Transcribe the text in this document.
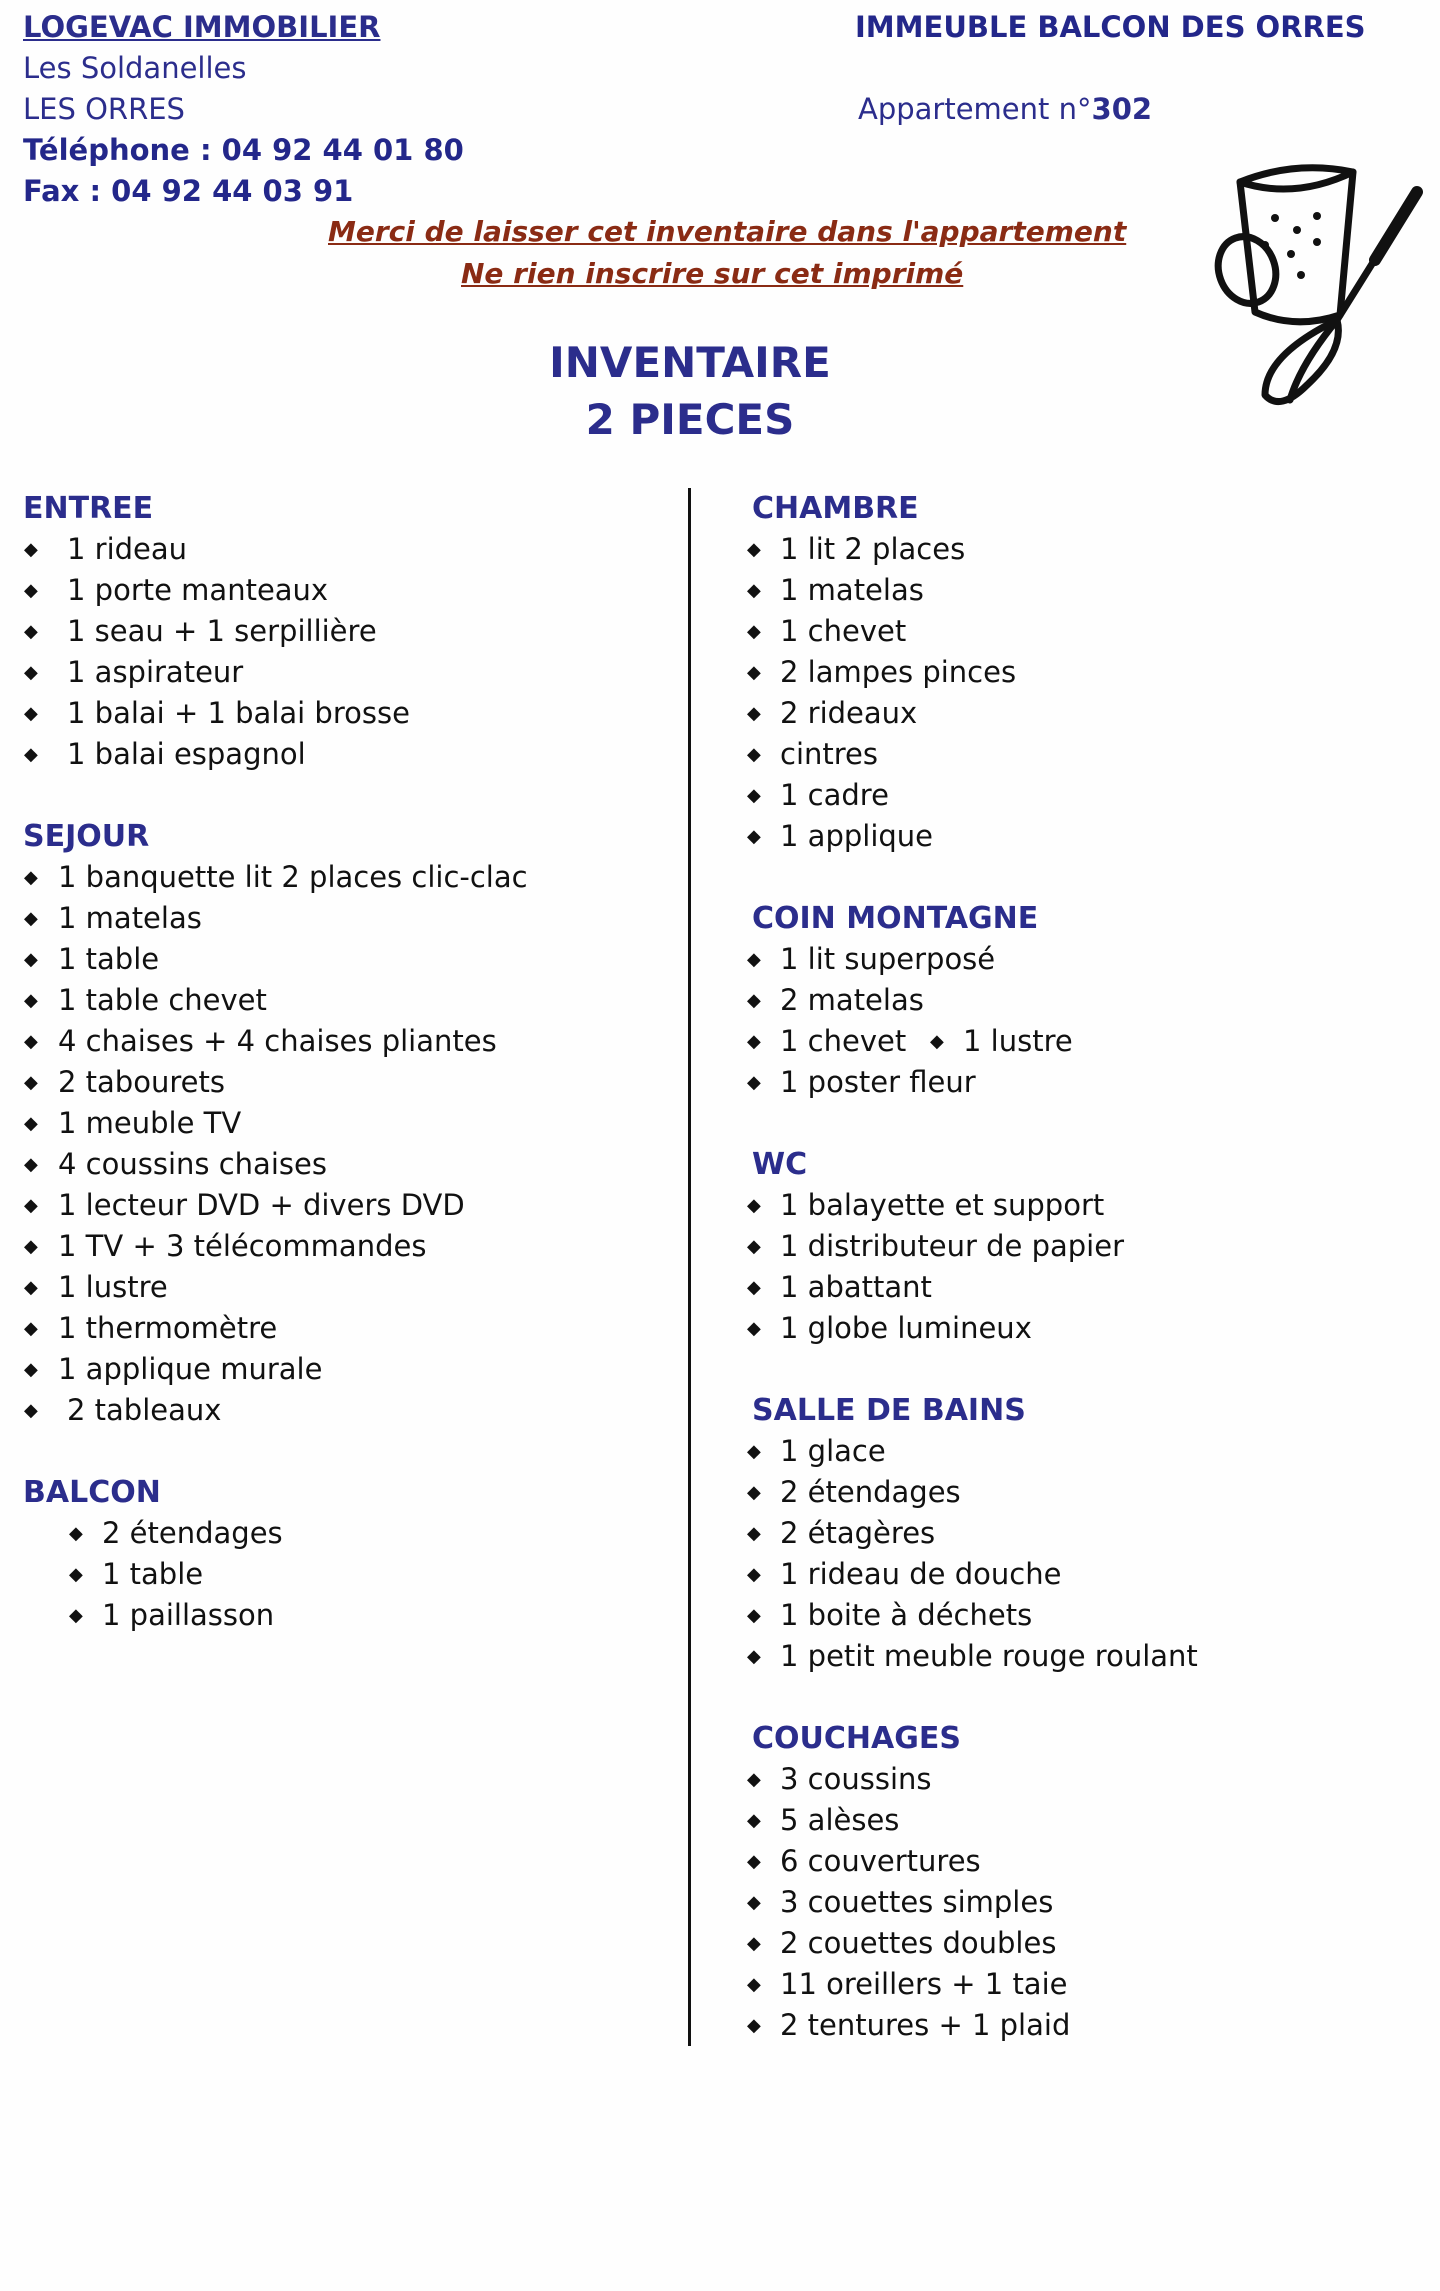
LOGEVAC IMMOBILIER
Les Soldanelles
LES ORRES
Téléphone : 04 92 44 01 80
Fax : 04 92 44 03 91
IMMEUBLE BALCON DES ORRES
Appartement n°302
Merci de laisser cet inventaire dans l'appartement
Ne rien inscrire sur cet imprimé
INVENTAIRE
2 PIECES
ENTREE
◆ 1 rideau
◆ 1 porte manteaux
◆ 1 seau + 1 serpillière
◆ 1 aspirateur
◆ 1 balai + 1 balai brosse
◆ 1 balai espagnol
SEJOUR
◆ 1 banquette lit 2 places clic-clac
◆ 1 matelas
◆ 1 table
◆ 1 table chevet
◆ 4 chaises + 4 chaises pliantes
◆ 2 tabourets
◆ 1 meuble TV
◆ 4 coussins chaises
◆ 1 lecteur DVD + divers DVD
◆ 1 TV + 3 télécommandes
◆ 1 lustre
◆ 1 thermomètre
◆ 1 applique murale
◆ 2 tableaux
BALCON
◆ 2 étendages
◆ 1 table
◆ 1 paillasson
CHAMBRE
◆ 1 lit 2 places
◆ 1 matelas
◆ 1 chevet
◆ 2 lampes pinces
◆ 2 rideaux
◆ cintres
◆ 1 cadre
◆ 1 applique
COIN MONTAGNE
◆ 1 lit superposé
◆ 2 matelas
◆ 1 chevet ◆ 1 lustre
◆ 1 poster fleur
WC
◆ 1 balayette et support
◆ 1 distributeur de papier
◆ 1 abattant
◆ 1 globe lumineux
SALLE DE BAINS
◆ 1 glace
◆ 2 étendages
◆ 2 étagères
◆ 1 rideau de douche
◆ 1 boite à déchets
◆ 1 petit meuble rouge roulant
COUCHAGES
◆ 3 coussins
◆ 5 alèses
◆ 6 couvertures
◆ 3 couettes simples
◆ 2 couettes doubles
◆ 11 oreillers + 1 taie
◆ 2 tentures + 1 plaid
